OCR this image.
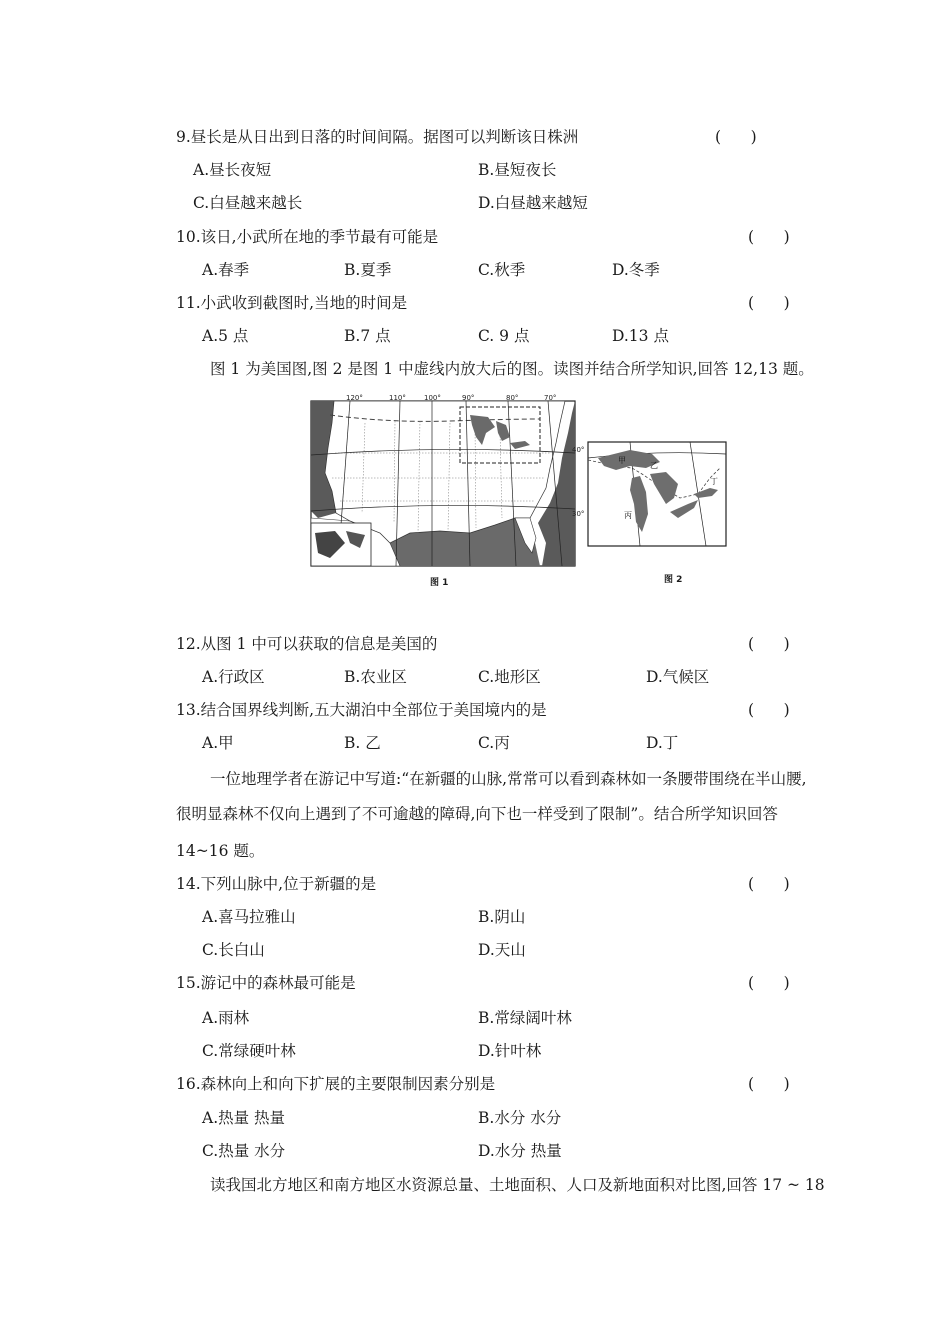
9.昼长是从日出到日落的时间间隔。据图可以判断该日株洲	(      )
A.昼长夜短	B.昼短夜长
C.白昼越来越长	D.白昼越来越短
10.该日,小武所在地的季节最有可能是	(      )
A.春季	B.夏季	C.秋季	D.冬季
11.小武收到截图时,当地的时间是	(      )
A.5 点	B.7 点	C. 9 点	D.13 点
图 1 为美国图,图 2 是图 1 中虚线内放大后的图。读图并结合所学知识,回答 12,13 题。
120°	110°	100°	90°	80°	70°
图 1
甲
乙
丙
丁
40°
30°
图 2
12.从图 1 中可以获取的信息是美国的	(      )
A.行政区	B.农业区	C.地形区	D.气候区
13.结合国界线判断,五大湖泊中全部位于美国境内的是	(      )
A.甲	B. 乙	C.丙	D.丁
一位地理学者在游记中写道:“在新疆的山脉,常常可以看到森林如一条腰带围绕在半山腰,
很明显森林不仅向上遇到了不可逾越的障碍,向下也一样受到了限制”。结合所学知识回答
14~16 题。
14.下列山脉中,位于新疆的是	(      )
A.喜马拉雅山	B.阴山
C.长白山	D.天山
15.游记中的森林最可能是	(      )
A.雨林	B.常绿阔叶林
C.常绿硬叶林	D.针叶林
16.森林向上和向下扩展的主要限制因素分别是	(      )
A.热量 热量	B.水分 水分
C.热量 水分	D.水分 热量
读我国北方地区和南方地区水资源总量、土地面积、人口及新地面积对比图,回答 17 ~ 18
